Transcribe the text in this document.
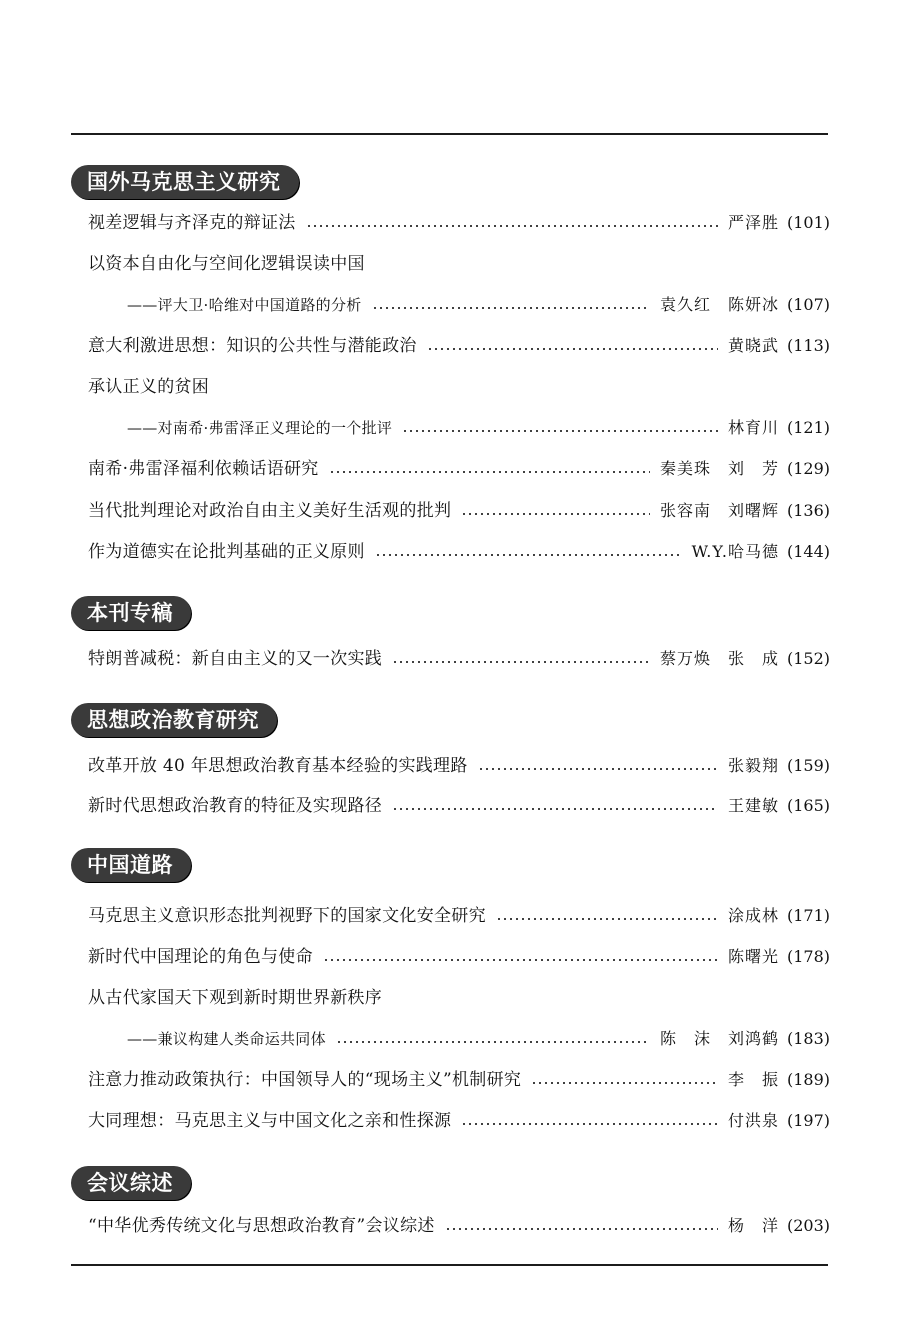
国外马克思主义研究
视差逻辑与齐泽克的辩证法	严泽胜 (101)
以资本自由化与空间化逻辑误读中国
——评大卫·哈维对中国道路的分析	袁久红　陈妍冰 (107)
意大利激进思想：知识的公共性与潜能政治	黄晓武 (113)
承认正义的贫困
——对南希·弗雷泽正义理论的一个批评	林育川 (121)
南希·弗雷泽福利依赖话语研究	秦美珠　刘　芳 (129)
当代批判理论对政治自由主义美好生活观的批判	张容南　刘曙辉 (136)
作为道德实在论批判基础的正义原则	W.Y.哈马德 (144)
本刊专稿
特朗普减税：新自由主义的又一次实践	蔡万焕　张　成 (152)
思想政治教育研究
改革开放 40 年思想政治教育基本经验的实践理路	张毅翔 (159)
新时代思想政治教育的特征及实现路径	王建敏 (165)
中国道路
马克思主义意识形态批判视野下的国家文化安全研究	涂成林 (171)
新时代中国理论的角色与使命	陈曙光 (178)
从古代家国天下观到新时期世界新秩序
——兼议构建人类命运共同体	陈　沫　刘鸿鹤 (183)
注意力推动政策执行：中国领导人的“现场主义”机制研究	李　振 (189)
大同理想：马克思主义与中国文化之亲和性探源	付洪泉 (197)
会议综述
“中华优秀传统文化与思想政治教育”会议综述	杨　洋 (203)
